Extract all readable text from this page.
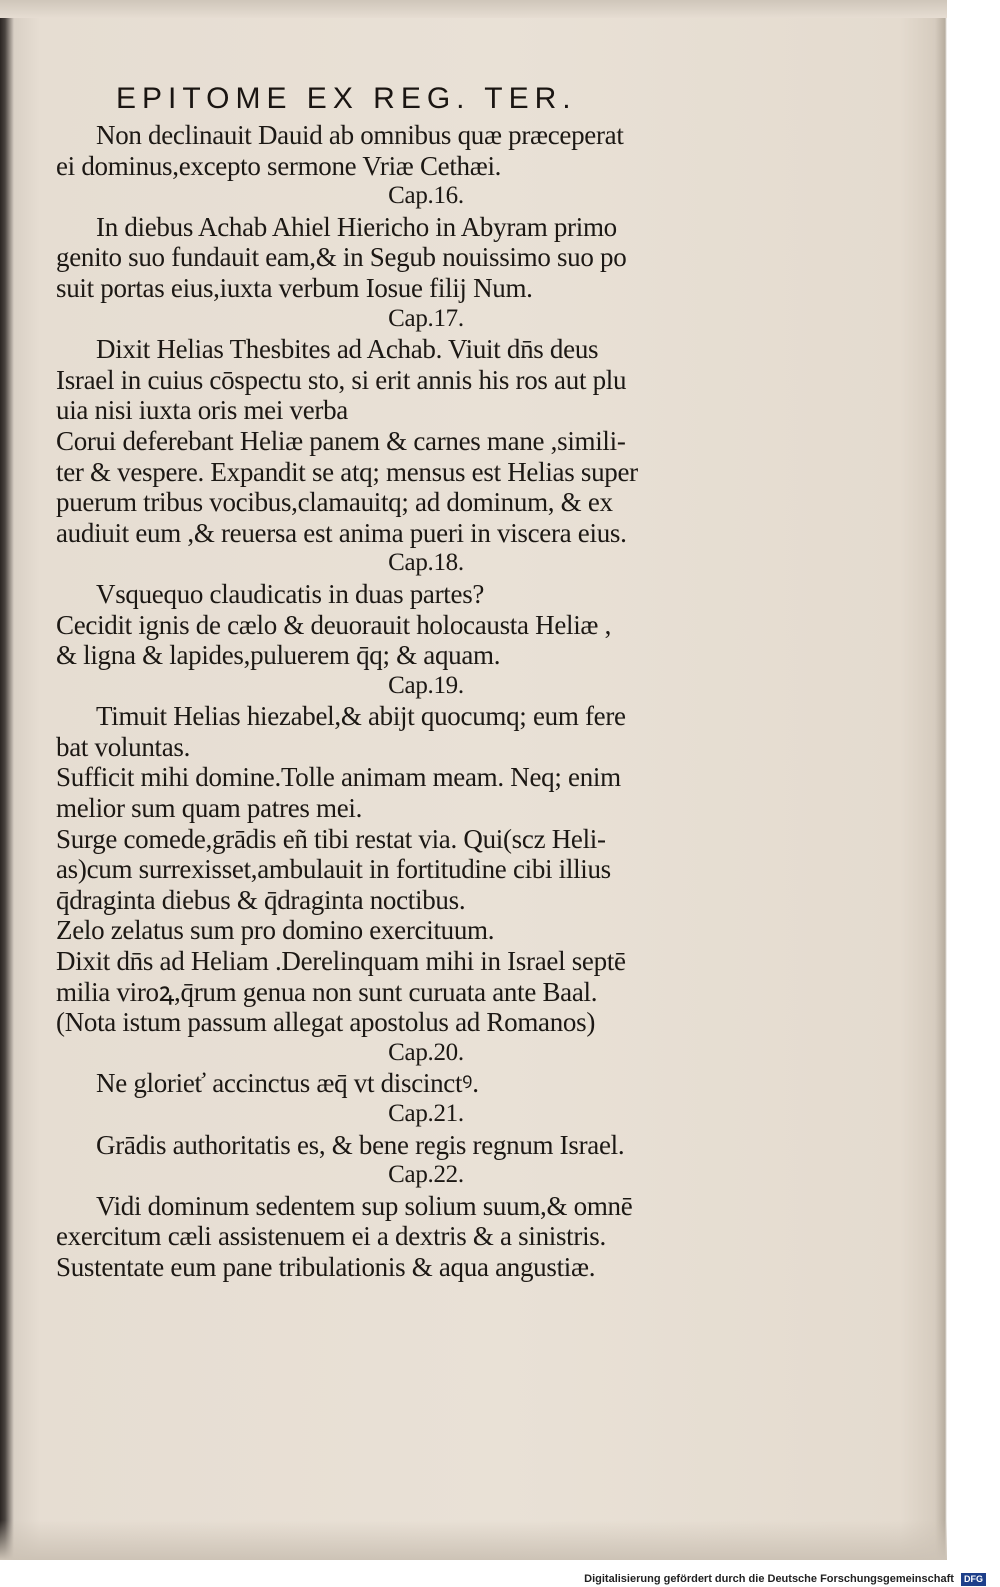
EPITOME EX REG. TER.
Non declinauit Dauid ab omnibus quæ præceperat
ei dominus,excepto sermone Vriæ Cethæi.
Cap.16.
In diebus Achab Ahiel Hiericho in Abyram primo
genito suo fundauit eam,& in Segub nouissimo suo po
suit portas eius,iuxta verbum Iosue filij Num.
Cap.17.
Dixit Helias Thesbites ad Achab. Viuit dn̄s deus
Israel in cuius cōspectu sto, si erit annis his ros aut plu
uia nisi iuxta oris mei verba
Corui deferebant Heliæ panem & carnes mane ,simili-
ter & vespere. Expandit se atq; mensus est Helias super
puerum tribus vocibus,clamauitq; ad dominum, & ex
audiuit eum ,& reuersa est anima pueri in viscera eius.
Cap.18.
Vsquequo claudicatis in duas partes?
Cecidit ignis de cælo & deuorauit holocausta Heliæ ,
& ligna & lapides,puluerem q̄q; & aquam.
Cap.19.
Timuit Helias hiezabel,& abijt quocumq; eum fere
bat voluntas.
Sufficit mihi domine.Tolle animam meam. Neq; enim
melior sum quam patres mei.
Surge comede,grādis eñ tibi restat via. Qui(scz Heli-
as)cum surrexisset,ambulauit in fortitudine cibi illius
q̄draginta diebus & q̄draginta noctibus.
Zelo zelatus sum pro domino exercituum.
Dixit dn̄s ad Heliam .Derelinquam mihi in Israel septē
milia viroꝝ,q̄rum genua non sunt curuata ante Baal.
(Nota istum passum allegat apostolus ad Romanos)
Cap.20.
Ne glorieť accinctus æq̄ vt discinctꝰ.
Cap.21.
Grādis authoritatis es, & bene regis regnum Israel.
Cap.22.
Vidi dominum sedentem sup solium suum,& omnē
exercitum cæli assistenuem ei a dextris & a sinistris.
Sustentate eum pane tribulationis & aqua angustiæ.
Digitalisierung gefördert durch die Deutsche Forschungsgemeinschaft DFG
